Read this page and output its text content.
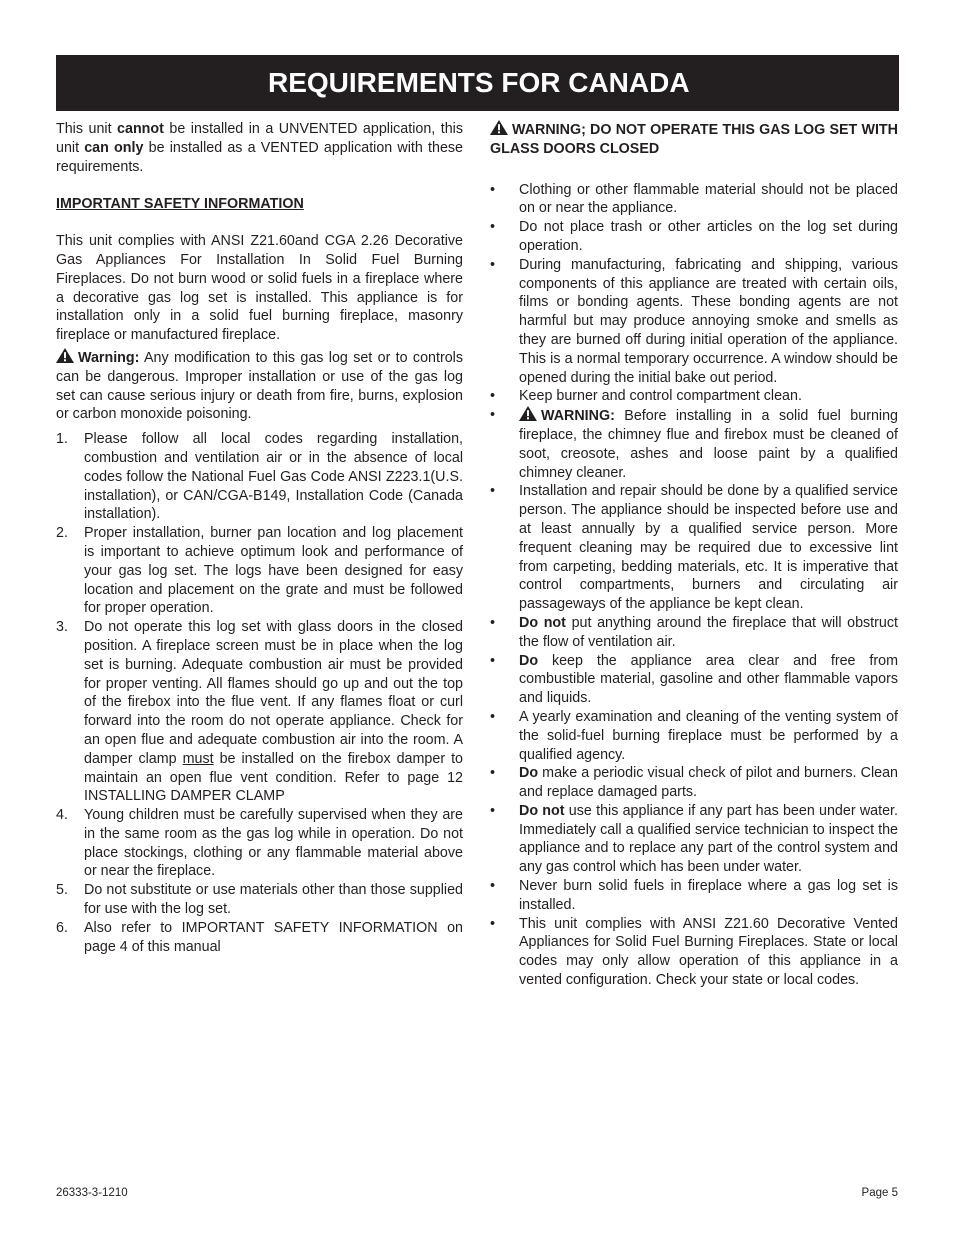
REQUIREMENTS FOR CANADA

This unit cannot be installed in a UNVENTED application, this unit can only be installed as a VENTED application with these requirements.

IMPORTANT SAFETY INFORMATION

This unit complies with ANSI Z21.60and CGA 2.26 Decorative Gas Appliances For Installation In Solid Fuel Burning Fireplaces. Do not burn wood or solid fuels in a fireplace where a decorative gas log set is installed. This appliance is for installation only in a solid fuel burning fireplace, masonry fireplace or manufactured fireplace.

Warning: Any modification to this gas log set or to controls can be dangerous. Improper installation or use of the gas log set can cause serious injury or death from fire, burns, explosion or carbon monoxide poisoning.

1. Please follow all local codes regarding installation, combustion and ventilation air or in the absence of local codes follow the National Fuel Gas Code ANSI Z223.1(U.S. installation), or CAN/CGA-B149, Installation Code (Canada installation).
2. Proper installation, burner pan location and log placement is important to achieve optimum look and performance of your gas log set. The logs have been designed for easy location and placement on the grate and must be followed for proper operation.
3. Do not operate this log set with glass doors in the closed position. A fireplace screen must be in place when the log set is burning. Adequate combustion air must be provided for proper venting. All flames should go up and out the top of the firebox into the flue vent. If any flames float or curl forward into the room do not operate appliance. Check for an open flue and adequate combustion air into the room. A damper clamp must be installed on the firebox damper to maintain an open flue vent condition. Refer to page 12 INSTALLING DAMPER CLAMP
4. Young children must be carefully supervised when they are in the same room as the gas log while in operation. Do not place stockings, clothing or any flammable material above or near the fireplace.
5. Do not substitute or use materials other than those supplied for use with the log set.
6. Also refer to IMPORTANT SAFETY INFORMATION on page 4 of this manual

WARNING; DO NOT OPERATE THIS GAS LOG SET WITH GLASS DOORS CLOSED

• Clothing or other flammable material should not be placed on or near the appliance.
• Do not place trash or other articles on the log set during operation.
• During manufacturing, fabricating and shipping, various components of this appliance are treated with certain oils, films or bonding agents. These bonding agents are not harmful but may produce annoying smoke and smells as they are burned off during initial operation of the appliance. This is a normal temporary occurrence. A window should be opened during the initial bake out period.
• Keep burner and control compartment clean.
•	WARNING: Before installing in a solid fuel burning fireplace, the chimney flue and firebox must be cleaned of soot, creosote, ashes and loose paint by a qualified chimney cleaner.
• Installation and repair should be done by a qualified service person. The appliance should be inspected before use and at least annually by a qualified service person. More frequent cleaning may be required due to excessive lint from carpeting, bedding materials, etc. It is imperative that control compartments, burners and circulating air passageways of the appliance be kept clean.
• Do not put anything around the fireplace that will obstruct the flow of ventilation air.
• Do keep the appliance area clear and free from combustible material, gasoline and other flammable vapors and liquids.
• A yearly examination and cleaning of the venting system of the solid-fuel burning fireplace must be performed by a qualified agency.
• Do make a periodic visual check of pilot and burners. Clean and replace damaged parts.
• Do not use this appliance if any part has been under water. Immediately call a qualified service technician to inspect the appliance and to replace any part of the control system and any gas control which has been under water.
• Never burn solid fuels in fireplace where a gas log set is installed.
• This unit complies with ANSI Z21.60 Decorative Vented Appliances for Solid Fuel Burning Fireplaces. State or local codes may only allow operation of this appliance in a vented configuration. Check your state or local codes.
26333-3-1210	Page 5
